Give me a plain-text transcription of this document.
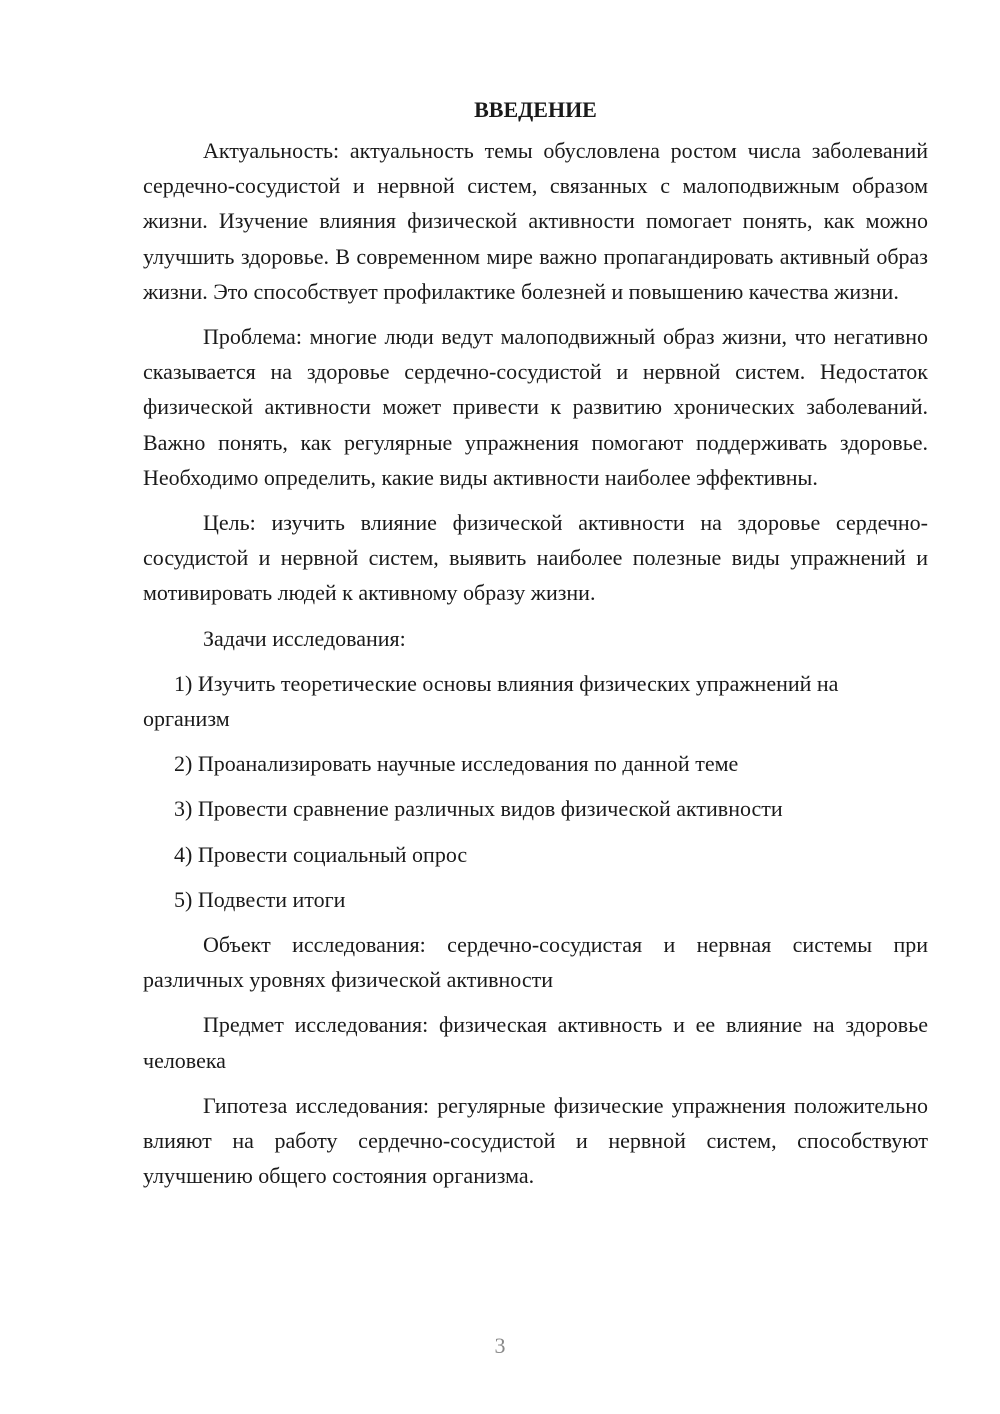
ВВЕДЕНИЕ

Актуальность: актуальность темы обусловлена ростом числа заболеваний сердечно-сосудистой и нервной систем, связанных с малоподвижным образом жизни. Изучение влияния физической активности помогает понять, как можно улучшить здоровье. В современном мире важно пропагандировать активный образ жизни. Это способствует профилактике болезней и повышению качества жизни.

Проблема: многие люди ведут малоподвижный образ жизни, что негативно сказывается на здоровье сердечно-сосудистой и нервной систем. Недостаток физической активности может привести к развитию хронических заболеваний. Важно понять, как регулярные упражнения помогают поддерживать здоровье. Необходимо определить, какие виды активности наиболее эффективны.

Цель: изучить влияние физической активности на здоровье сердечно-сосудистой и нервной систем, выявить наиболее полезные виды упражнений и мотивировать людей к активному образу жизни.

Задачи исследования:

1) Изучить теоретические основы влияния физических упражнений на организм

2) Проанализировать научные исследования по данной теме

3) Провести сравнение различных видов физической активности

4) Провести социальный опрос

5) Подвести итоги

Объект исследования: сердечно-сосудистая и нервная системы при различных уровнях физической активности

Предмет исследования: физическая активность и ее влияние на здоровье человека

Гипотеза исследования: регулярные физические упражнения положительно влияют на работу сердечно-сосудистой и нервной систем, способствуют улучшению общего состояния организма.

3
